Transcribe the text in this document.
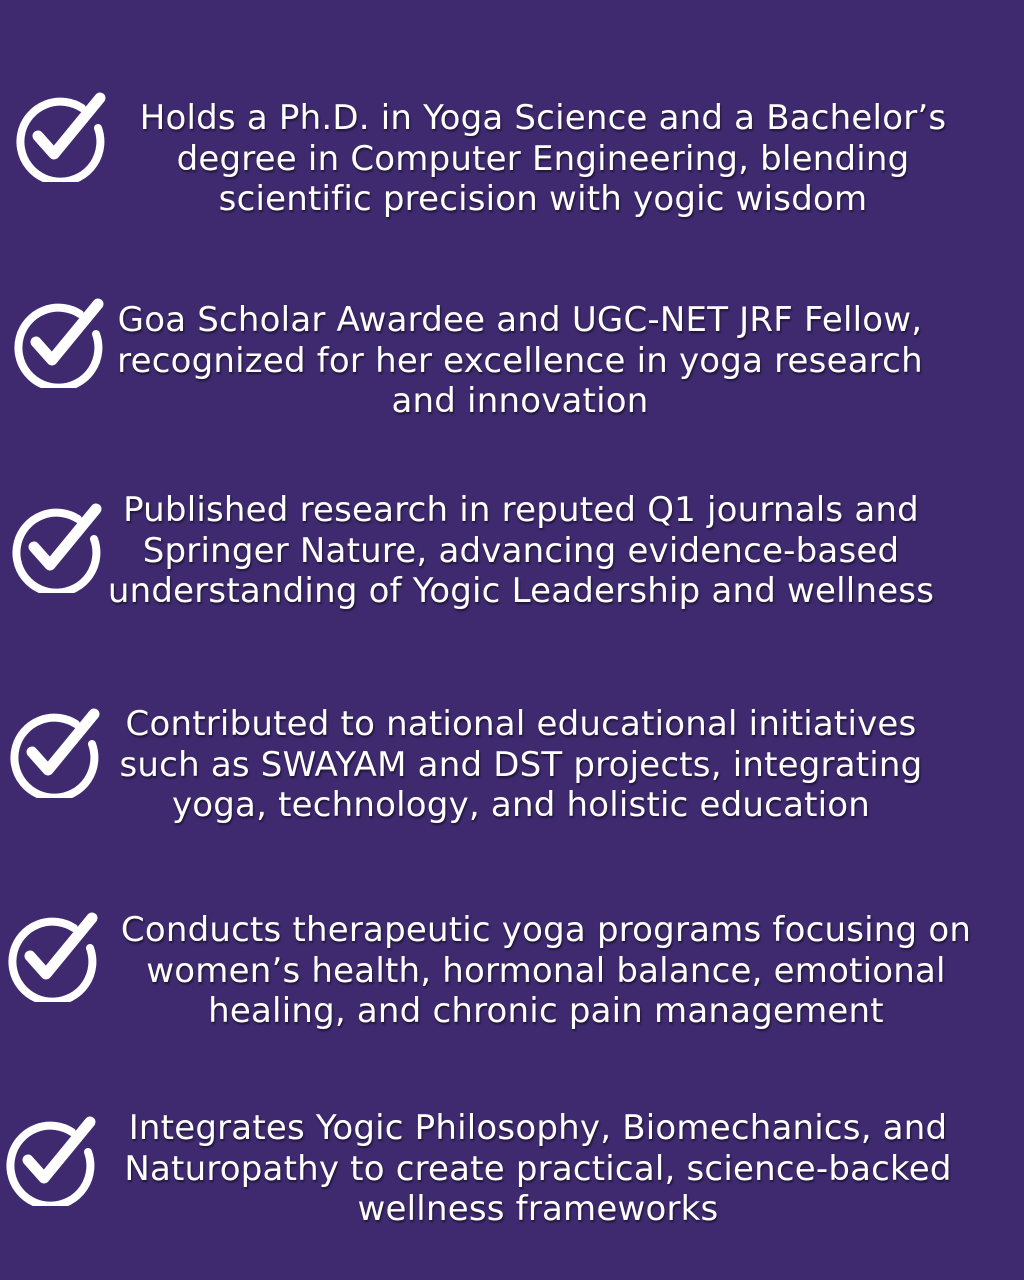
Holds a Ph.D. in Yoga Science and a Bachelor’s degree in Computer Engineering, blending scientific precision with yogic wisdom
Goa Scholar Awardee and UGC-NET JRF Fellow, recognized for her excellence in yoga research and innovation
Published research in reputed Q1 journals and Springer Nature, advancing evidence-based understanding of Yogic Leadership and wellness
Contributed to national educational initiatives such as SWAYAM and DST projects, integrating yoga, technology, and holistic education
Conducts therapeutic yoga programs focusing on women’s health, hormonal balance, emotional healing, and chronic pain management
Integrates Yogic Philosophy, Biomechanics, and Naturopathy to create practical, science-backed wellness frameworks
